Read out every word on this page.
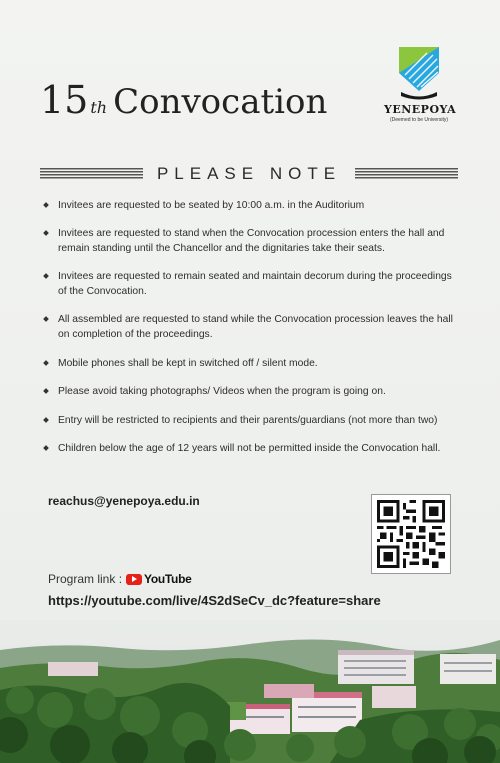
15 th Convocation	YENEPOYA
(Deemed to be University)
PLEASE NOTE
Invitees are requested to be seated by 10:00 a.m. in the Auditorium
Invitees are requested to stand when the Convocation procession enters the hall and remain standing until the Chancellor and the dignitaries take their seats.
Invitees are requested to remain seated and maintain decorum during the proceedings of the Convocation.
All assembled are requested to stand while the Convocation procession leaves the hall on completion of the proceedings.
Mobile phones shall be kept in switched off / silent mode.
Please avoid taking photographs/ Videos when the program is going on.
Entry will be restricted to recipients and their parents/guardians (not more than two)
Children below the age of 12 years will not be permitted inside the Convocation hall.
reachus@yenepoya.edu.in
Program link : YouTube
https://youtube.com/live/4S2dSeCv_dc?feature=share
